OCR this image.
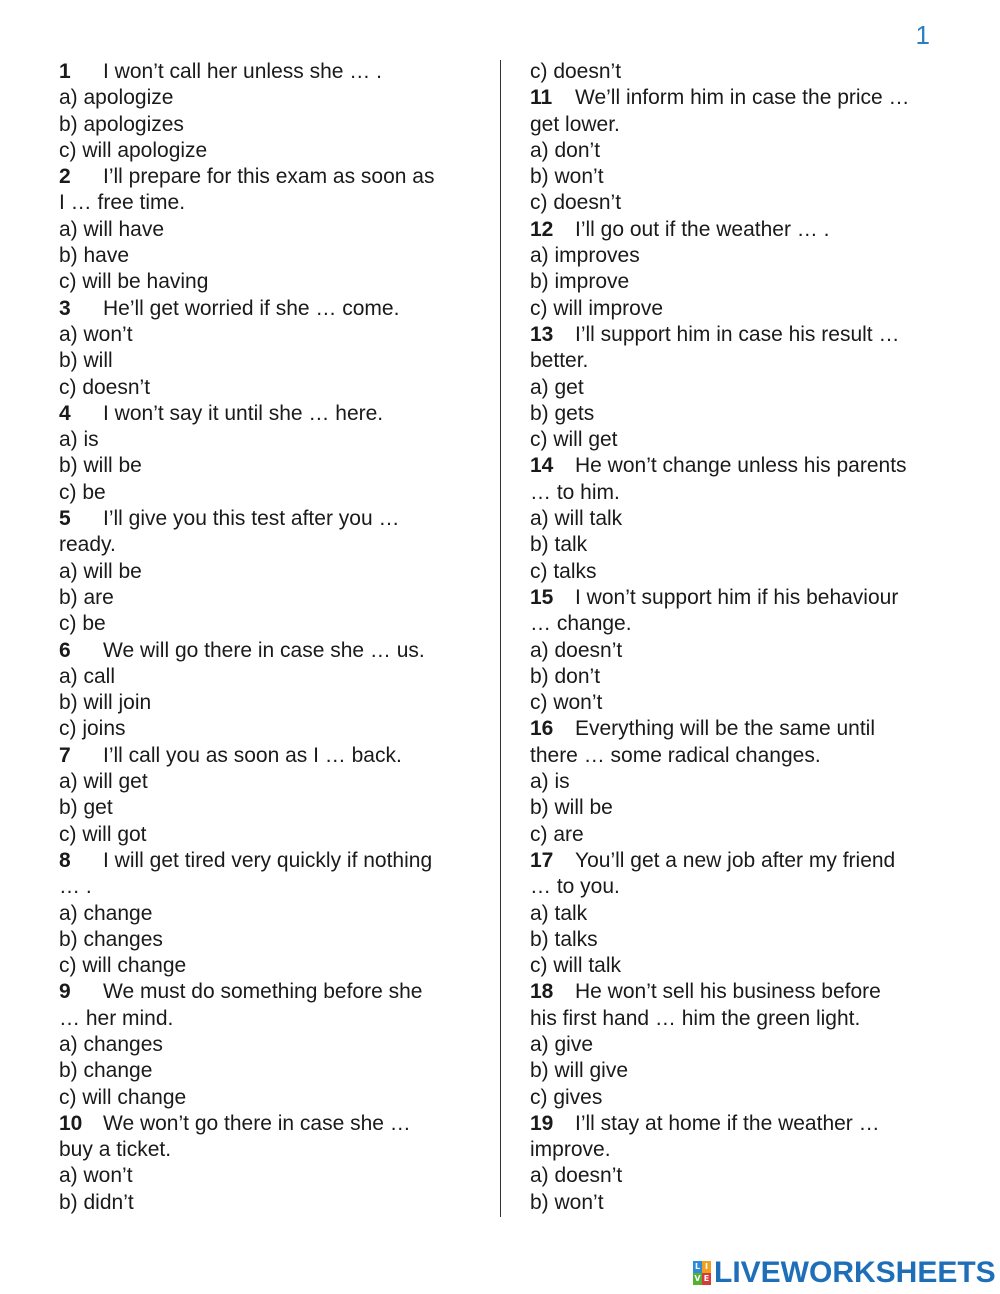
1
1 I won’t call her unless she … .
a) apologize
b) apologizes
c) will apologize
2 I’ll prepare for this exam as soon as
I … free time.
a) will have
b) have
c) will be having
3 He’ll get worried if she … come.
a) won’t
b) will
c) doesn’t
4 I won’t say it until she … here.
a) is
b) will be
c) be
5 I’ll give you this test after you …
ready.
a) will be
b) are
c) be
6 We will go there in case she … us.
a) call
b) will join
c) joins
7 I’ll call you as soon as I … back.
a) will get
b) get
c) will got
8 I will get tired very quickly if nothing
… .
a) change
b) changes
c) will change
9 We must do something before she
… her mind.
a) changes
b) change
c) will change
10 We won’t go there in case she …
buy a ticket.
a) won’t
b) didn’t
c) doesn’t
11 We’ll inform him in case the price …
get lower.
a) don’t
b) won’t
c) doesn’t
12 I’ll go out if the weather … .
a) improves
b) improve
c) will improve
13 I’ll support him in case his result …
better.
a) get
b) gets
c) will get
14 He won’t change unless his parents
… to him.
a) will talk
b) talk
c) talks
15 I won’t support him if his behaviour
… change.
a) doesn’t
b) don’t
c) won’t
16 Everything will be the same until
there … some radical changes.
a) is
b) will be
c) are
17 You’ll get a new job after my friend
… to you.
a) talk
b) talks
c) will talk
18 He won’t sell his business before
his first hand … him the green light.
a) give
b) will give
c) gives
19 I’ll stay at home if the weather …
improve.
a) doesn’t
b) won’t
L I
V E LIVEWORKSHEETS
